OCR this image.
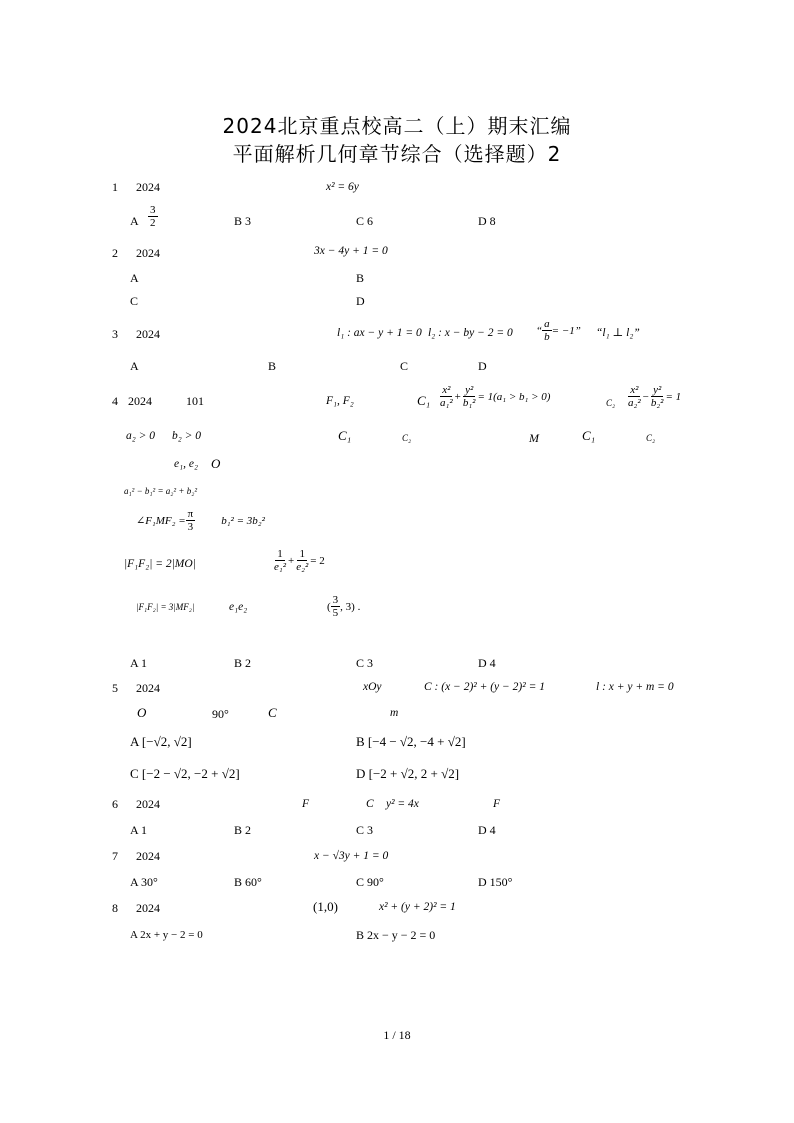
2024北京重点校高二（上）期末汇编
平面解析几何章节综合（选择题）2
1 2024	x² = 6y
A $\frac{3}{2}$	B 3	C 6	D 8
2 2024	3x − 4y + 1 = 0
A	B
C	D
3 2024	l₁ : ax − y + 1 = 0 l₂ : x − by − 2 = 0 “ $\frac{a}{b} = -1$” “l₁ ⊥ l₂”
A	B	C	D
4 2024	101	F₁, F₂	$C_1 \frac{\text{x²}}{\text{a₁²}} + \frac{\text{y²}}{\text{b₁²}} = 1(a_1 > b_1 > 0)$
$C_2 \frac{\text{x²}}{\text{a₂²}} - \frac{\text{y²}}{\text{b₂²}} = 1$
a₂ > 0 b₂ > 0	C₁	C₂	M	C₁	C₂
e₁, e₂ O
a₁² − b₁² = a₂² + b₂²
∠F₁MF₂ = $\frac{\pi}{3} b_1^2 = 3b_2^2$
|F₁F₂| = 2|MO|	$\frac{1}{\text{e₁²}} + \frac{1}{\text{e₂²}} = 2$
|F₁F₂| = 3|MF₂|	e₁e₂	( $\frac{3}{5}$ , 3) .
A 1	B 2	C 3	D 4
5 2024	xOy	C : (x − 2)² + (y − 2)² = 1	l : x + y + m = 0
O	90°	C	m
A [−√2, √2]	B [−4 − √2, −4 + √2]
C [−2 − √2, −2 + √2]	D [−2 + √2, 2 + √2]
6 2024	F	C y² = 4x	F
A 1	B 2	C 3	D 4
7 2024	x − √3y + 1 = 0
A 30°	B 60°	C 90°	D 150°
8 2024	(1,0)	x² + (y + 2)² = 1
A 2x + y − 2 = 0	B 2x − y − 2 = 0
1 / 18
